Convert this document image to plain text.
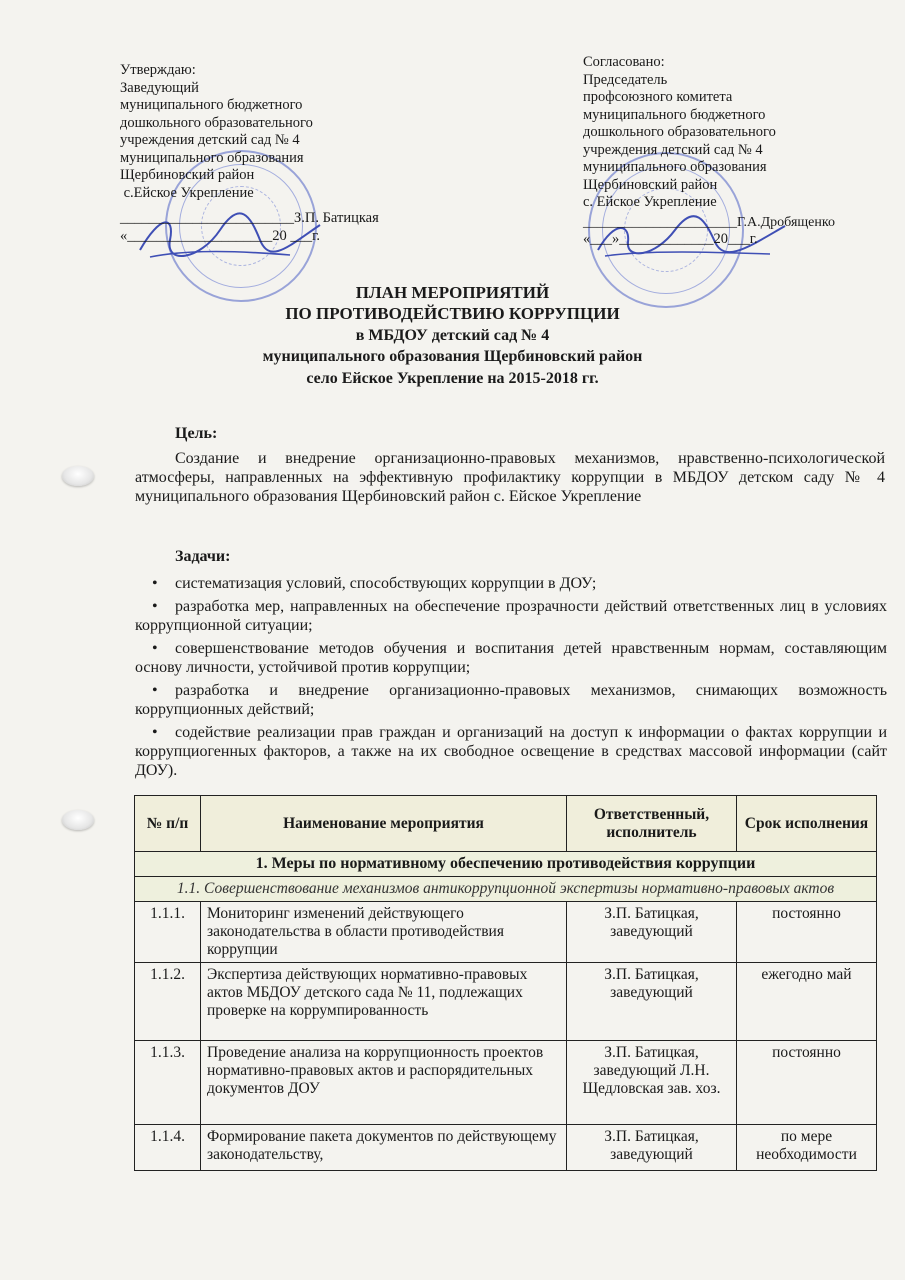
Утверждаю:
Заведующий
муниципального бюджетного
дошкольного образовательного
учреждения детский сад № 4
муниципального образования
Щербиновский район
с.Ейское Укрепление
________________________З.П. Батицкая
«____________________20 ___г.
Согласовано:
Председатель
профсоюзного комитета
муниципального бюджетного
дошкольного образовательного
учреждения детский сад № 4
муниципального образования
Щербиновский район
с. Ейское Укрепление
______________________Г.А.Дробященко
«___»_____________20___г.
ПЛАН МЕРОПРИЯТИЙ
ПО ПРОТИВОДЕЙСТВИЮ КОРРУПЦИИ
в МБДОУ детский сад № 4
муниципального образования Щербиновский район
село Ейское Укрепление на 2015-2018 гг.
Цель:
Создание и внедрение организационно-правовых механизмов, нравственно-психологической атмосферы, направленных на эффективную профилактику коррупции в МБДОУ детском саду № 4 муниципального образования Щербиновский район с. Ейское Укрепление
Задачи:
• систематизация условий, способствующих коррупции в ДОУ;
• разработка мер, направленных на обеспечение прозрачности действий ответственных лиц в условиях коррупционной ситуации;
• совершенствование методов обучения и воспитания детей нравственным нормам, составляющим основу личности, устойчивой против коррупции;
• разработка и внедрение организационно-правовых механизмов, снимающих возможность коррупционных действий;
• содействие реализации прав граждан и организаций на доступ к информации о фактах коррупции и коррупциогенных факторов, а также на их свободное освещение в средствах массовой информации (сайт ДОУ).
№ п/п	Наименование мероприятия	Ответственный, исполнитель	Срок исполнения
1. Меры по нормативному обеспечению противодействия коррупции			
1.1. Совершенствование механизмов антикоррупционной экспертизы нормативно-правовых актов			
1.1.1.	Мониторинг изменений действующего законодательства в области противодействия коррупции	З.П. Батицкая, заведующий	постоянно
1.1.2.	Экспертиза действующих нормативно-правовых актов МБДОУ детского сада № 11, подлежащих проверке на коррумпированность	З.П. Батицкая, заведующий	ежегодно май
1.1.3.	Проведение анализа на коррупционность проектов нормативно-правовых актов и распорядительных документов ДОУ	З.П. Батицкая, заведующий Л.Н. Щедловская зав. хоз.	постоянно
1.1.4.	Формирование пакета документов по действующему законодательству,	З.П. Батицкая, заведующий	по мере необходимости
